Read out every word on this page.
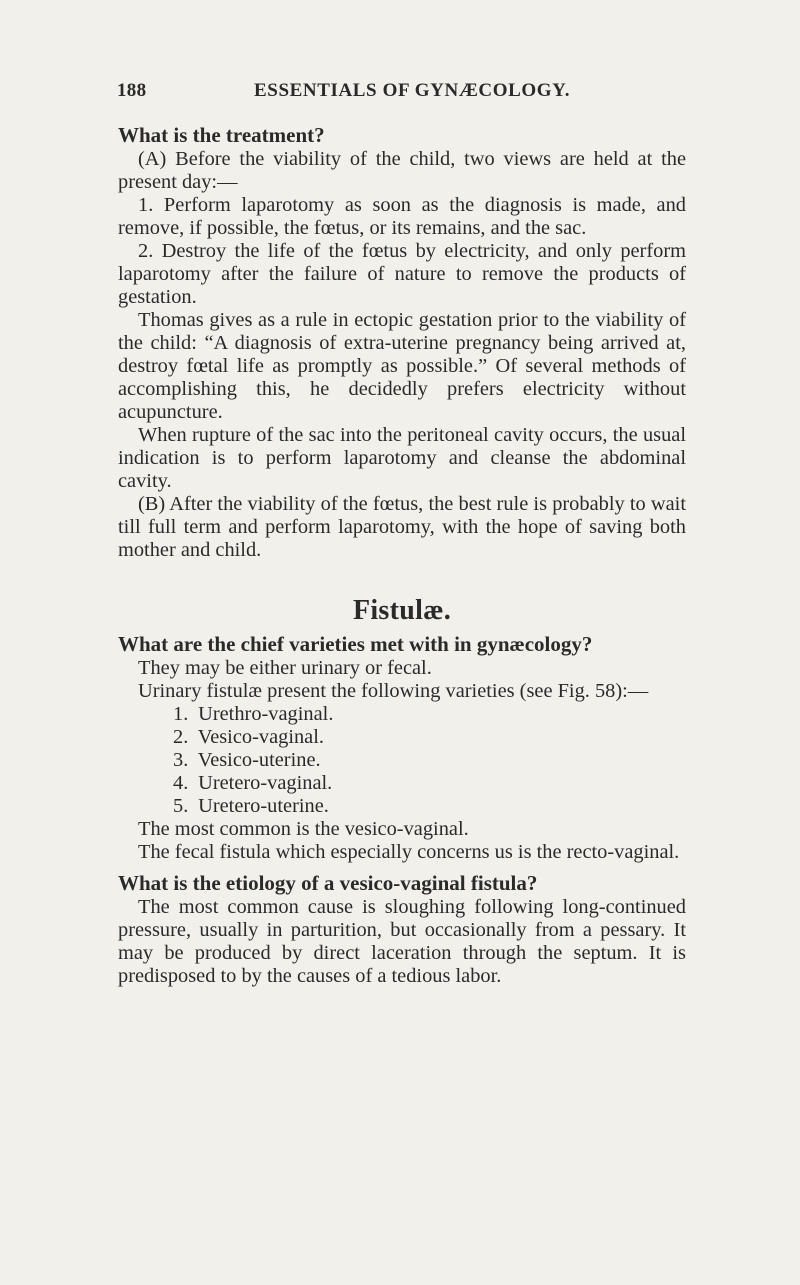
188	ESSENTIALS OF GYNÆCOLOGY.

What is the treatment?

(A) Before the viability of the child, two views are held at the present day:—

1. Perform laparotomy as soon as the diagnosis is made, and remove, if possible, the fœtus, or its remains, and the sac.

2. Destroy the life of the fœtus by electricity, and only perform laparotomy after the failure of nature to remove the products of gestation.

Thomas gives as a rule in ectopic gestation prior to the viability of the child: “A diagnosis of extra-uterine pregnancy being arrived at, destroy fœtal life as promptly as possible.” Of several methods of accomplishing this, he decidedly prefers electricity without acupuncture.

When rupture of the sac into the peritoneal cavity occurs, the usual indication is to perform laparotomy and cleanse the abdominal cavity.

(B) After the viability of the fœtus, the best rule is probably to wait till full term and perform laparotomy, with the hope of saving both mother and child.

Fistulæ.

What are the chief varieties met with in gynæcology?

They may be either urinary or fecal.

Urinary fistulæ present the following varieties (see Fig. 58):—

1. Urethro-vaginal.
2. Vesico-vaginal.
3. Vesico-uterine.
4. Uretero-vaginal.
5. Uretero-uterine.

The most common is the vesico-vaginal.

The fecal fistula which especially concerns us is the recto-vaginal.

What is the etiology of a vesico-vaginal fistula?

The most common cause is sloughing following long-continued pressure, usually in parturition, but occasionally from a pessary. It may be produced by direct laceration through the septum. It is predisposed to by the causes of a tedious labor.
